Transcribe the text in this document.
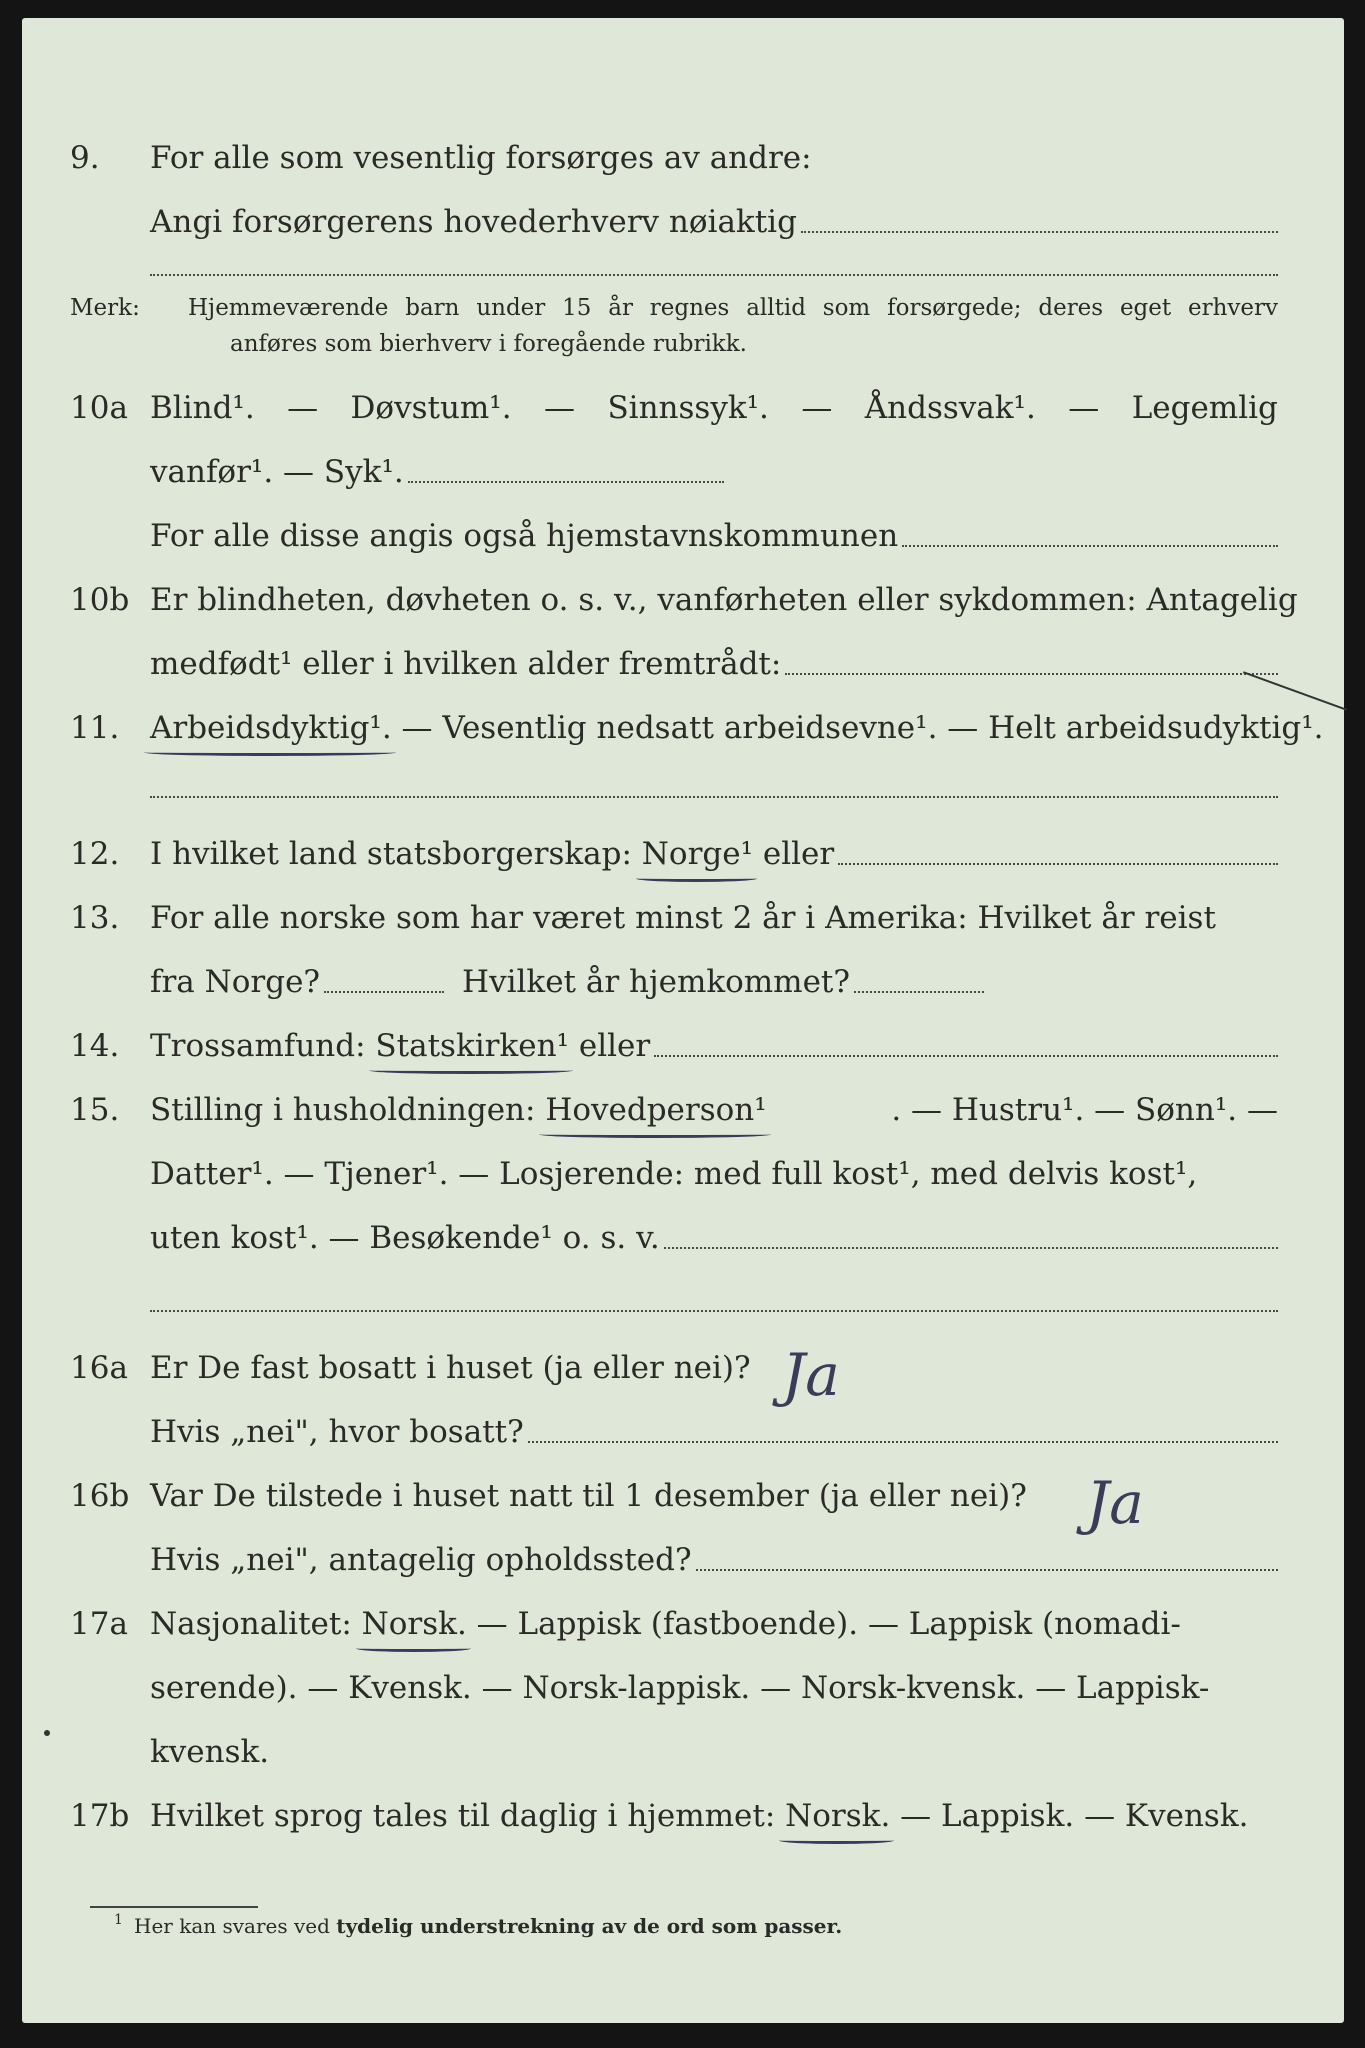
9. For alle som vesentlig forsørges av andre:
Angi forsørgerens hovederhverv nøiaktig
Merk: Hjemmeværende barn under 15 år regnes alltid som forsørgede; deres eget erhverv
anføres som bierhverv i foregående rubrikk.
10a Blind¹. — Døvstum¹. — Sinnssyk¹. — Åndssvak¹. — Legemlig
vanfør¹. — Syk¹.
For alle disse angis også hjemstavnskommunen
10b Er blindheten, døvheten o. s. v., vanførheten eller sykdommen: Antagelig
medfødt¹ eller i hvilken alder fremtrådt:
11. Arbeidsdyktig¹. — Vesentlig nedsatt arbeidsevne¹. — Helt arbeidsudyktig¹.
12. I hvilket land statsborgerskap: Norge¹ eller
13. For alle norske som har været minst 2 år i Amerika: Hvilket år reist
fra Norge?	Hvilket år hjemkommet?
14. Trossamfund: Statskirken¹ eller
15. Stilling i husholdningen: Hovedperson¹	. — Hustru¹. — Sønn¹. —
Datter¹. — Tjener¹. — Losjerende: med full kost¹, med delvis kost¹,
uten kost¹. — Besøkende¹ o. s. v.
16a Er De fast bosatt i huset (ja eller nei)? Ja
Hvis „nei", hvor bosatt?
16b Var De tilstede i huset natt til 1 desember (ja eller nei)? Ja
Hvis „nei", antagelig opholdssted?
17a Nasjonalitet: Norsk. — Lappisk (fastboende). — Lappisk (nomadi-
serende). — Kvensk. — Norsk-lappisk. — Norsk-kvensk. — Lappisk-
kvensk.
17b Hvilket sprog tales til daglig i hjemmet: Norsk. — Lappisk. — Kvensk.
1 Her kan svares ved tydelig understrekning av de ord som passer.
